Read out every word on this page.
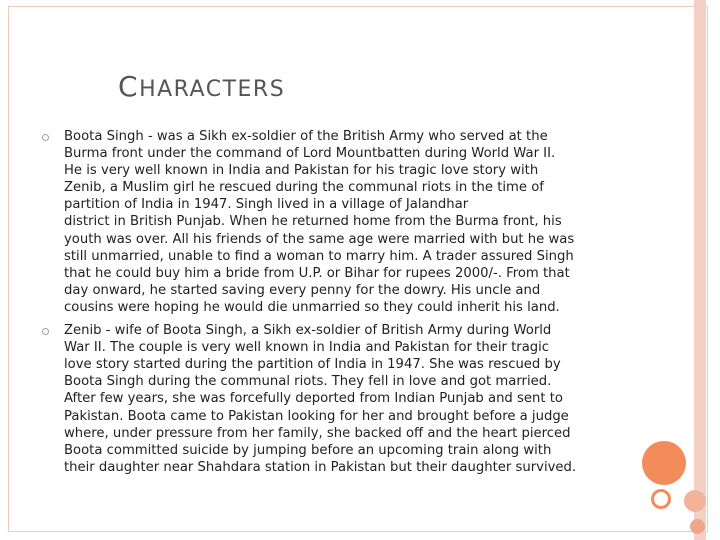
CHARACTERS

Boota Singh - was a Sikh ex-soldier of the British Army who served at the
Burma front under the command of Lord Mountbatten during World War II.
He is very well known in India and Pakistan for his tragic love story with
Zenib, a Muslim girl he rescued during the communal riots in the time of
partition of India in 1947. Singh lived in a village of Jalandhar
district in British Punjab. When he returned home from the Burma front, his
youth was over. All his friends of the same age were married with but he was
still unmarried, unable to find a woman to marry him. A trader assured Singh
that he could buy him a bride from U.P. or Bihar for rupees 2000/-. From that
day onward, he started saving every penny for the dowry. His uncle and
cousins were hoping he would die unmarried so they could inherit his land.

Zenib - wife of Boota Singh, a Sikh ex-soldier of British Army during World
War II. The couple is very well known in India and Pakistan for their tragic
love story started during the partition of India in 1947. She was rescued by
Boota Singh during the communal riots. They fell in love and got married.
After few years, she was forcefully deported from Indian Punjab and sent to
Pakistan. Boota came to Pakistan looking for her and brought before a judge
where, under pressure from her family, she backed off and the heart pierced
Boota committed suicide by jumping before an upcoming train along with
their daughter near Shahdara station in Pakistan but their daughter survived.
